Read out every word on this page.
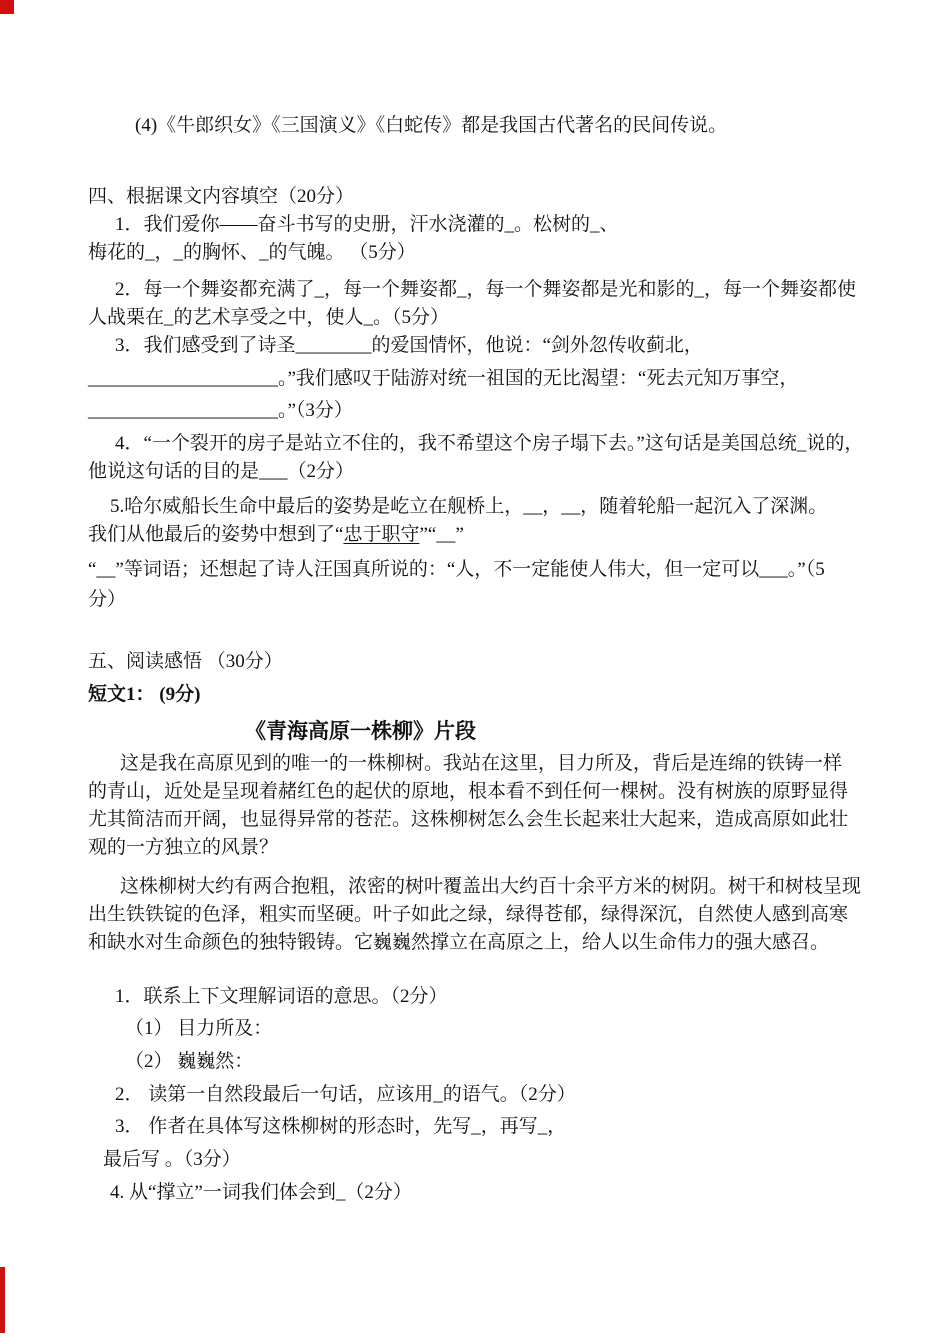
(4)《牛郎织女》《三国演义》《白蛇传》都是我国古代著名的民间传说。
四、根据课文内容填空（20分）
1．我们爱你——奋斗书写的史册，汗水浇灌的_。松树的_、
梅花的_，_的胸怀、_的气魄。 （5分）
2．每一个舞姿都充满了_，每一个舞姿都_，每一个舞姿都是光和影的_，每一个舞姿都使
人战栗在_的艺术享受之中，使人_。（5分）
3．我们感受到了诗圣________的爱国情怀，他说：“剑外忽传收蓟北，
____________________。”我们感叹于陆游对统一祖国的无比渴望：“死去元知万事空，
____________________。”（3分）
4．“一个裂开的房子是站立不住的，我不希望这个房子塌下去。”这句话是美国总统_说的，
他说这句话的目的是___（2分）
5.哈尔威船长生命中最后的姿势是屹立在舰桥上，__，__，随着轮船一起沉入了深渊。
我们从他最后的姿势中想到了“忠于职守”“__”
“__”等词语；还想起了诗人汪国真所说的：“人，不一定能使人伟大，但一定可以___。”（5
分）
五、阅读感悟 （30分）
短文1： (9分)
《青海高原一株柳》片段
这是我在高原见到的唯一的一株柳树。我站在这里，目力所及，背后是连绵的铁铸一样
的青山，近处是呈现着赭红色的起伏的原地，根本看不到任何一棵树。没有树族的原野显得
尤其简洁而开阔，也显得异常的苍茫。这株柳树怎么会生长起来壮大起来，造成高原如此壮
观的一方独立的风景？
这株柳树大约有两合抱粗，浓密的树叶覆盖出大约百十余平方米的树阴。树干和树枝呈现
出生铁铁锭的色泽，粗实而坚硬。叶子如此之绿，绿得苍郁，绿得深沉，自然使人感到高寒
和缺水对生命颜色的独特锻铸。它巍巍然撑立在高原之上，给人以生命伟力的强大感召。
1．联系上下文理解词语的意思。（2分）
（1） 目力所及：
（2） 巍巍然：
2． 读第一自然段最后一句话，应该用_的语气。（2分）
3． 作者在具体写这株柳树的形态时，先写_，再写_，
最后写 。（3分）
4. 从“撑立”一词我们体会到_（2分）
